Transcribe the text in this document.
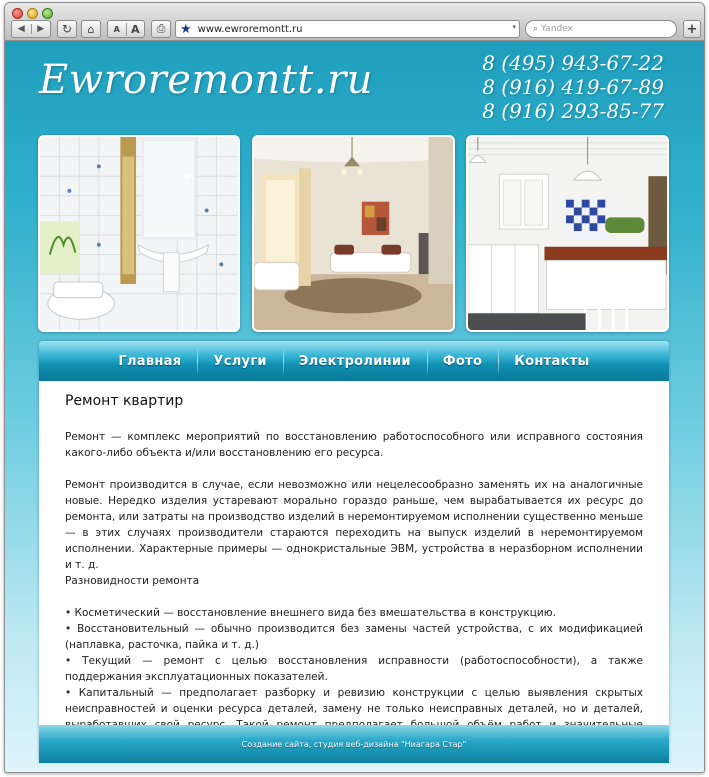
◀	▶	↻ ⌂	A	A	⎙ ★ www.ewroremontt.ru	▾ ⌕ Yandex	+
Ewroremontt.ru	8 (495) 943-67-22
8 (916) 419-67-89
8 (916) 293-85-77
Главная	Услуги	Электролинии	Фото	Контакты
Ремонт квартир

Ремонт — комплекс мероприятий по восстановлению работоспособного или исправного состояния какого-либо объекта и/или восстановлению его ресурса.

Ремонт производится в случае, если невозможно или нецелесообразно заменять их на аналогичные новые. Нередко изделия устаревают морально гораздо раньше, чем вырабатывается их ресурс до ремонта, или затраты на производство изделий в неремонтируемом исполнении существенно меньше — в этих случаях производители стараются переходить на выпуск изделий в неремонтируемом исполнении. Характерные примеры — однокристальные ЭВМ, устройства в неразборном исполнении и т. д.

Разновидности ремонта

• Косметический — восстановление внешнего вида без вмешательства в конструкцию.
• Восстановительный — обычно производится без замены частей устройства, с их модификацией (наплавка, расточка, пайка и т. д.)
• Текущий — ремонт с целью восстановления исправности (работоспособности), а также поддержания эксплуатационных показателей.
• Капитальный — предполагает разборку и ревизию конструкции с целью выявления скрытых неисправностей и оценки ресурса деталей, замену не только неисправных деталей, но и деталей,
Создание сайта, студия веб-дизайна "Ниагара Стар"
